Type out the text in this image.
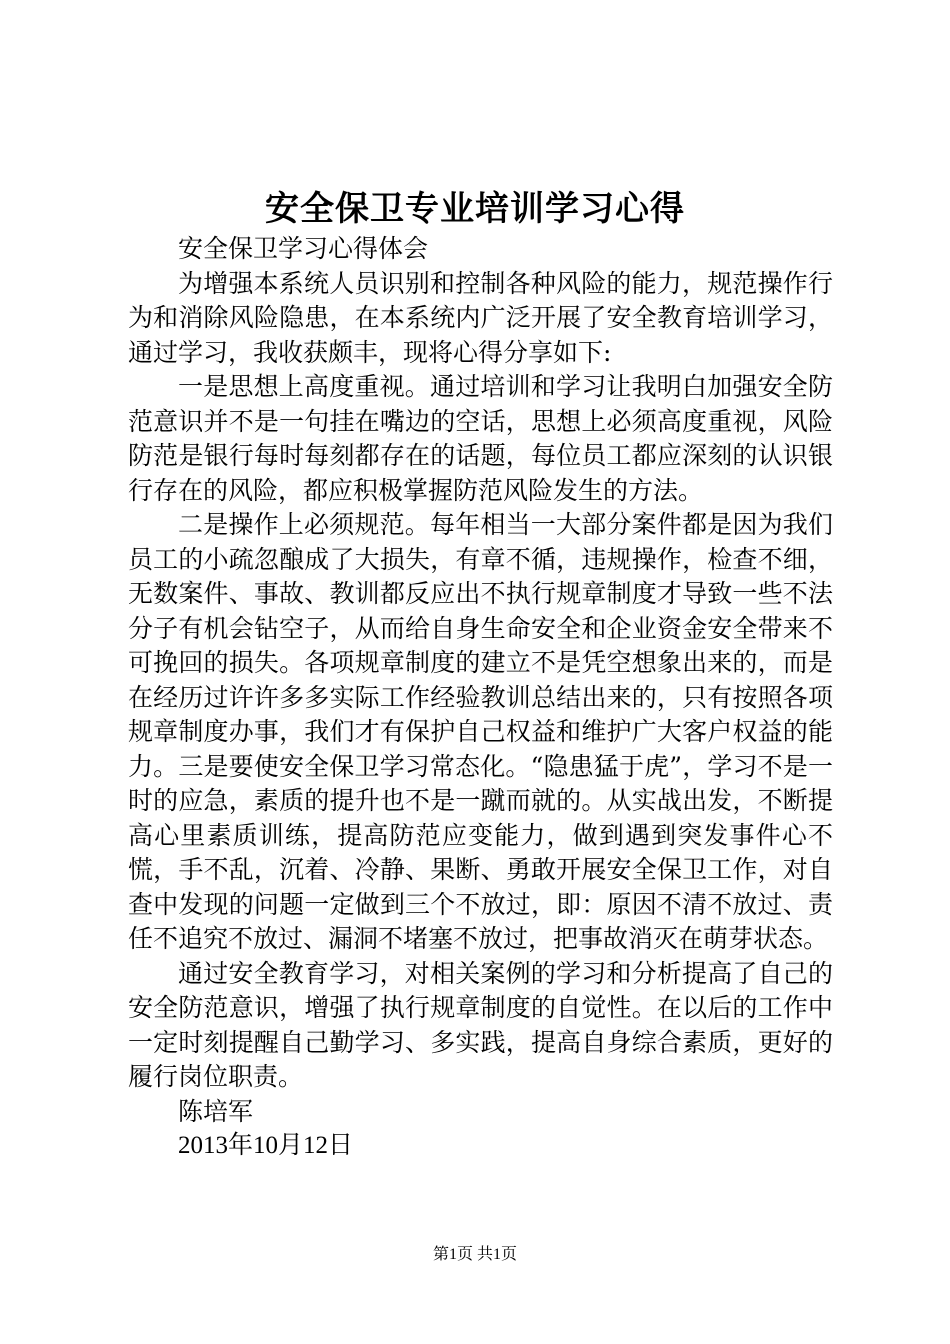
安全保卫专业培训学习心得
安全保卫学习心得体会

为增强本系统人员识别和控制各种风险的能力，规范操作行为和消除风险隐患，在本系统内广泛开展了安全教育培训学习，通过学习，我收获颇丰，现将心得分享如下:

一是思想上高度重视。通过培训和学习让我明白加强安全防范意识并不是一句挂在嘴边的空话，思想上必须高度重视，风险防范是银行每时每刻都存在的话题，每位员工都应深刻的认识银行存在的风险，都应积极掌握防范风险发生的方法。

二是操作上必须规范。每年相当一大部分案件都是因为我们员工的小疏忽酿成了大损失，有章不循，违规操作，检查不细，无数案件、事故、教训都反应出不执行规章制度才导致一些不法分子有机会钻空子，从而给自身生命安全和企业资金安全带来不可挽回的损失。各项规章制度的建立不是凭空想象出来的，而是在经历过许许多多实际工作经验教训总结出来的，只有按照各项规章制度办事，我们才有保护自己权益和维护广大客户权益的能力。三是要使安全保卫学习常态化。“隐患猛于虎”，学习不是一时的应急，素质的提升也不是一蹴而就的。从实战出发，不断提高心里素质训练，提高防范应变能力，做到遇到突发事件心不慌，手不乱，沉着、冷静、果断、勇敢开展安全保卫工作，对自查中发现的问题一定做到三个不放过，即：原因不清不放过、责任不追究不放过、漏洞不堵塞不放过，把事故消灭在萌芽状态。

通过安全教育学习，对相关案例的学习和分析提高了自己的安全防范意识，增强了执行规章制度的自觉性。在以后的工作中一定时刻提醒自己勤学习、多实践，提高自身综合素质，更好的履行岗位职责。

陈培军
2013年10月12日
第1页 共1页
